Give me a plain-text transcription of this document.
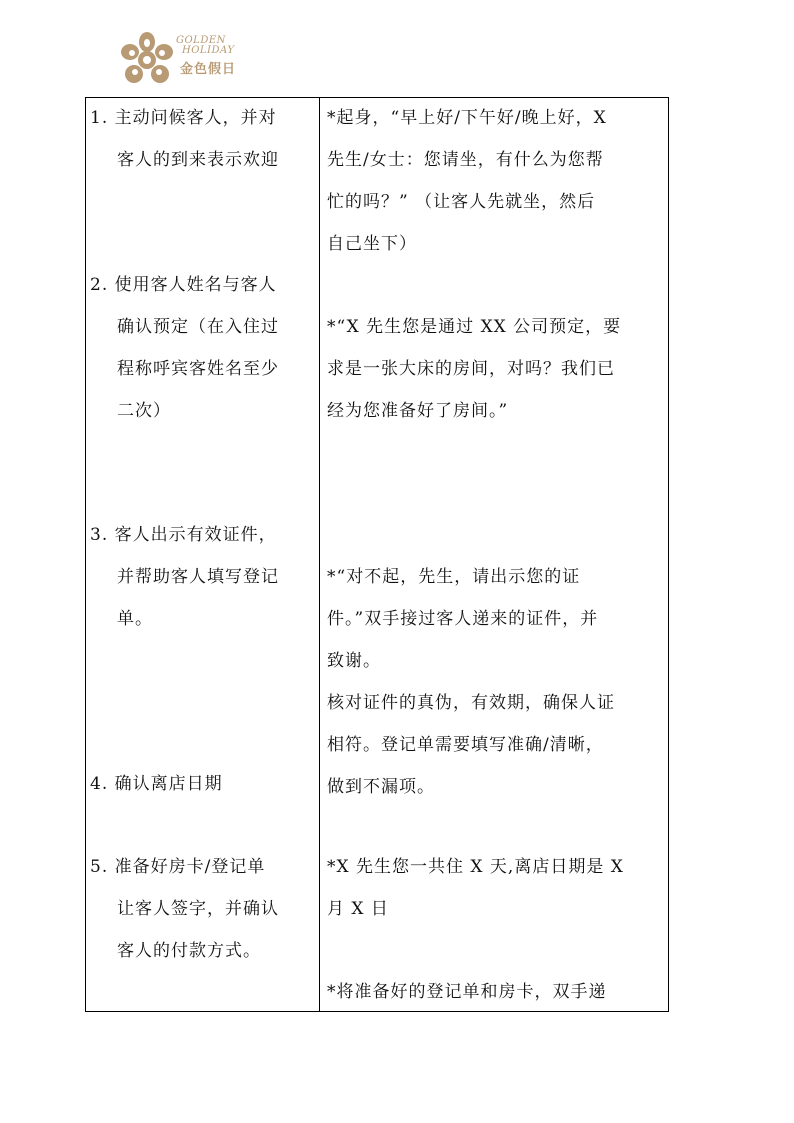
GOLDEN
HOLIDAY
金色假日
1. 主动问候客人，并对
客人的到来表示欢迎
2. 使用客人姓名与客人
确认预定（在入住过
程称呼宾客姓名至少
二次）
3. 客人出示有效证件，
并帮助客人填写登记
单。
4. 确认离店日期
5. 准备好房卡/登记单
让客人签字，并确认
客人的付款方式。
*起身，“早上好/下午好/晚上好，X
先生/女士：您请坐，有什么为您帮
忙的吗？” （让客人先就坐，然后
自己坐下）
*“X 先生您是通过 XX 公司预定，要
求是一张大床的房间，对吗？我们已
经为您准备好了房间。”
*“对不起，先生，请出示您的证
件。”双手接过客人递来的证件，并
致谢。
核对证件的真伪，有效期，确保人证
相符。登记单需要填写准确/清晰，
做到不漏项。
*X 先生您一共住 X 天,离店日期是 X
月 X 日
*将准备好的登记单和房卡，双手递
